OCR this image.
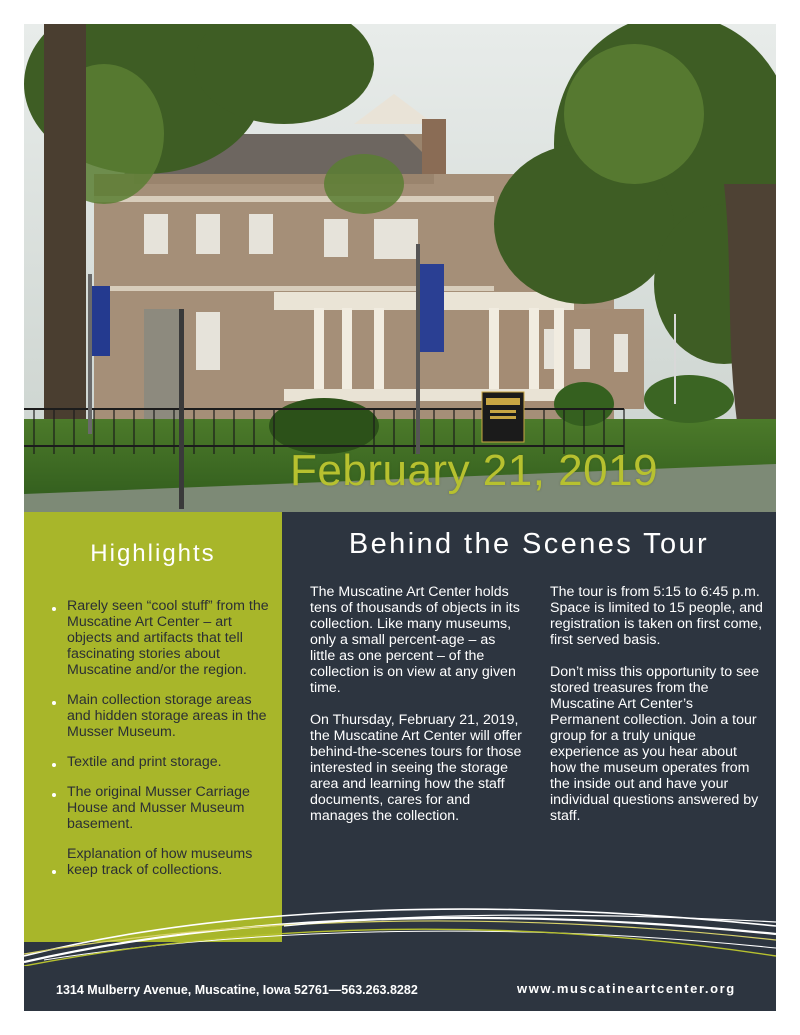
February 21, 2019
Highlights
Rarely seen “cool stuff” from the Muscatine Art Center – art objects and artifacts that tell fascinating stories about Muscatine and/or the region.
Main collection storage areas and hidden storage areas in the Musser Museum.
Textile and print storage.
The original Musser Carriage House and Musser Museum basement.
Explanation of how museums keep track of collections.
Behind the Scenes Tour

The Muscatine Art Center holds tens of thousands of objects in its collection. Like many museums, only a small percent-age – as little as one percent – of the collection is on view at any given time.

On Thursday, February 21, 2019, the Muscatine Art Center will offer behind-the-scenes tours for those interested in seeing the storage area and learning how the staff documents, cares for and manages the collection.

The tour is from 5:15 to 6:45 p.m. Space is limited to 15 people, and registration is taken on first come, first served basis.

Don’t miss this opportunity to see stored treasures from the Muscatine Art Center’s Permanent collection. Join a tour group for a truly unique experience as you hear about how the museum operates from the inside out and have your individual questions answered by staff.

1314 Mulberry Avenue, Muscatine, Iowa 52761—563.263.8282	www.muscatineartcenter.org
